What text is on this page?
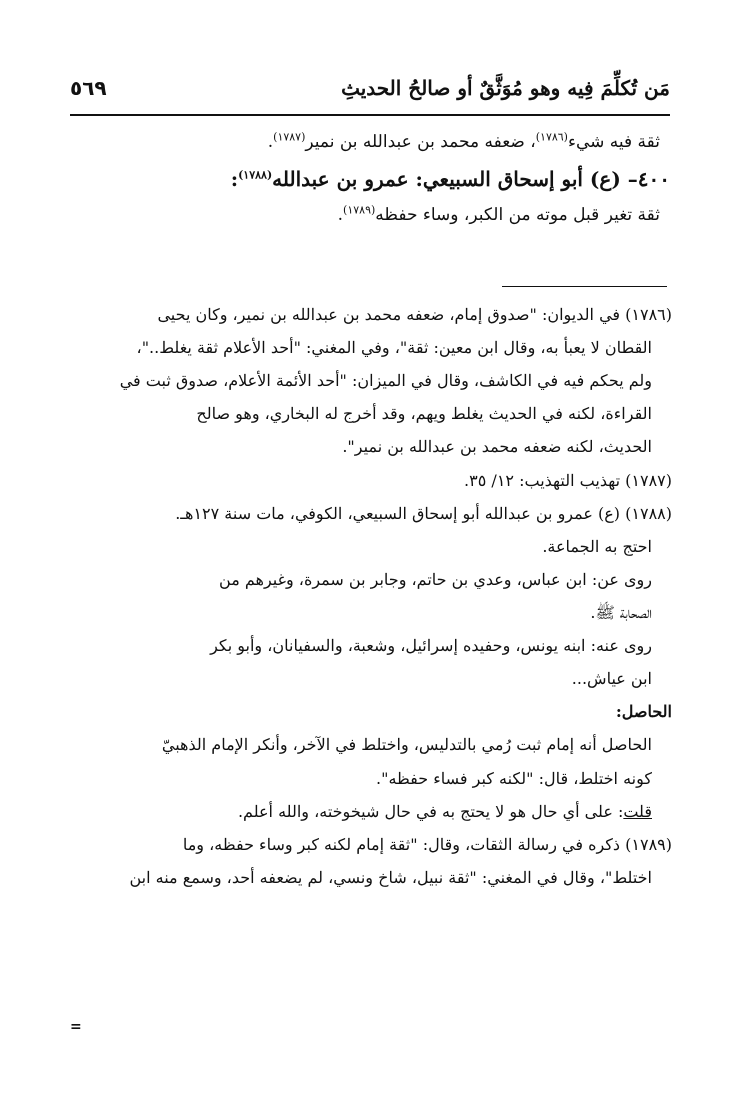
مَن تُكلِّمَ فِيه وهو مُوَثَّقٌ أو صالحُ الحديثِ
٥٦٩

ثقة فيه شيء$^{(١٧٨٦)}$، ضعفه محمد بن عبدالله بن نمير$^{(١٧٨٧)}$.

٤٠٠– (ع) أبو إسحاق السبيعي: عمرو بن عبدالله$^{(١٧٨٨)}$:

ثقة تغير قبل موته من الكبر، وساء حفظه$^{(١٧٨٩)}$.

(١٧٨٦) في الديوان: "صدوق إمام، ضعفه محمد بن عبدالله بن نمير، وكان يحيى

القطان لا يعبأ به، وقال ابن معين: ثقة"، وفي المغني: "أحد الأعلام ثقة يغلط.."،

ولم يحكم فيه في الكاشف، وقال في الميزان: "أحد الأئمة الأعلام، صدوق ثبت في

القراءة، لكنه في الحديث يغلط ويهم، وقد أخرج له البخاري، وهو صالح

الحديث، لكنه ضعفه محمد بن عبدالله بن نمير".

(١٧٨٧) تهذيب التهذيب: ١٢/ ٣٥.

(١٧٨٨) (ع) عمرو بن عبدالله أبو إسحاق السبيعي، الكوفي، مات سنة ١٢٧هـ.

احتج به الجماعة.

روى عن: ابن عباس، وعدي بن حاتم، وجابر بن سمرة، وغيرهم من

الصحابة ﷺ.

روى عنه: ابنه يونس، وحفيده إسرائيل، وشعبة، والسفيانان، وأبو بكر

ابن عياش...

الحاصل:

الحاصل أنه إمام ثبت رُمي بالتدليس، واختلط في الآخر، وأنكر الإمام الذهبيّ

كونه اختلط، قال: "لكنه كبر فساء حفظه".

قلت: على أي حال هو لا يحتج به في حال شيخوخته، والله أعلم.

(١٧٨٩) ذكره في رسالة الثقات، وقال: "ثقة إمام لكنه كبر وساء حفظه، وما

اختلط"، وقال في المغني: "ثقة نبيل، شاخ ونسي، لم يضعفه أحد، وسمع منه ابن

=
